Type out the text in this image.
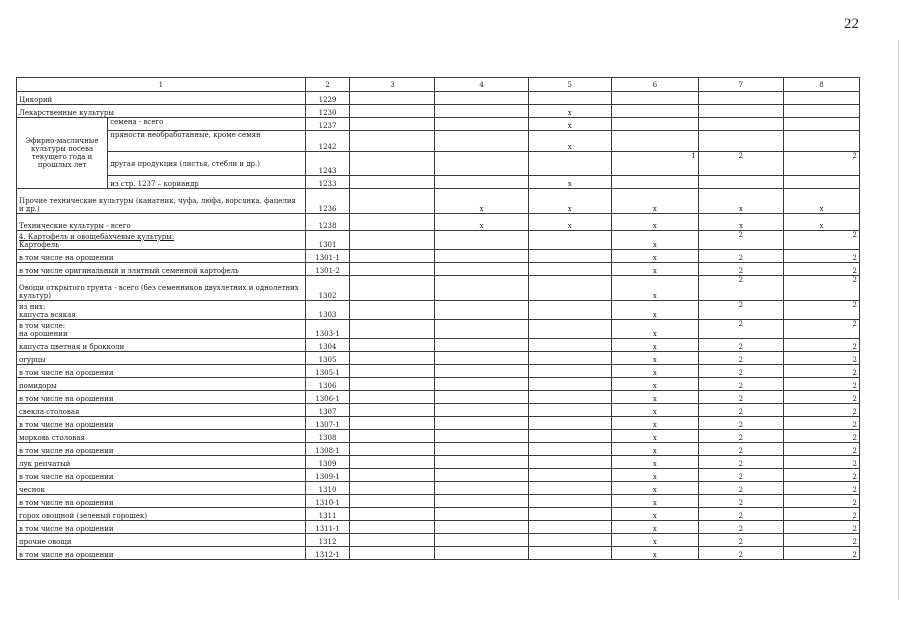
22
1		2	3	4	5	6	7	8
Цикорий		1229						
Лекарственные культуры		1230			х			
Эфирно-масличные культуры посева текущего года и прошлых лет	семена - всего	1237			х			
	пряности необработанные, кроме семян	1242			х			
	другая продукция (листья, стебли и др.)	1243				1	2	2
	из стр. 1237 – кориандр	1233			х			
Прочие технические культуры (канатник, чуфа, люфа, ворсянка, фацелия и др.)		1236		х	х	х	х	х
Технические культуры - всего		1238		х	х	х	х	х
4. Картофель и овощебахчевые культуры:
Картофель		1301				х	2	2
в том числе на орошении		1301-1				х	2	2
в том числе оригинальный и элитный семенной картофель		1301-2				х	2	2
Овощи открытого грунта - всего (без семенников двухлетних и однолетних культур)		1302				х	2	2
из них:
капуста всякая		1303				х	2	2
в том числе:
на орошении		1303-1				х	2	2
капуста цветная и брокколи		1304				х	2	2
огурцы		1305				х	2	2
в том числе на орошении		1305-1				х	2	2
помидоры		1306				х	2	2
в том числе на орошении		1306-1				х	2	2
свекла столовая		1307				х	2	2
в том числе на орошении		1307-1				х	2	2
морковь столовая		1308				х	2	2
в том числе на орошении		1308-1				х	2	2
лук репчатый		1309				х	2	2
в том числе на орошении		1309-1				х	2	2
чеснок		1310				х	2	2
в том числе на орошении		1310-1				х	2	2
горох овощной (зеленый горошек)		1311				х	2	2
в том числе на орошении		1311-1				х	2	2
прочие овощи		1312				х	2	2
в том числе на орошении		1312-1				х	2	2
